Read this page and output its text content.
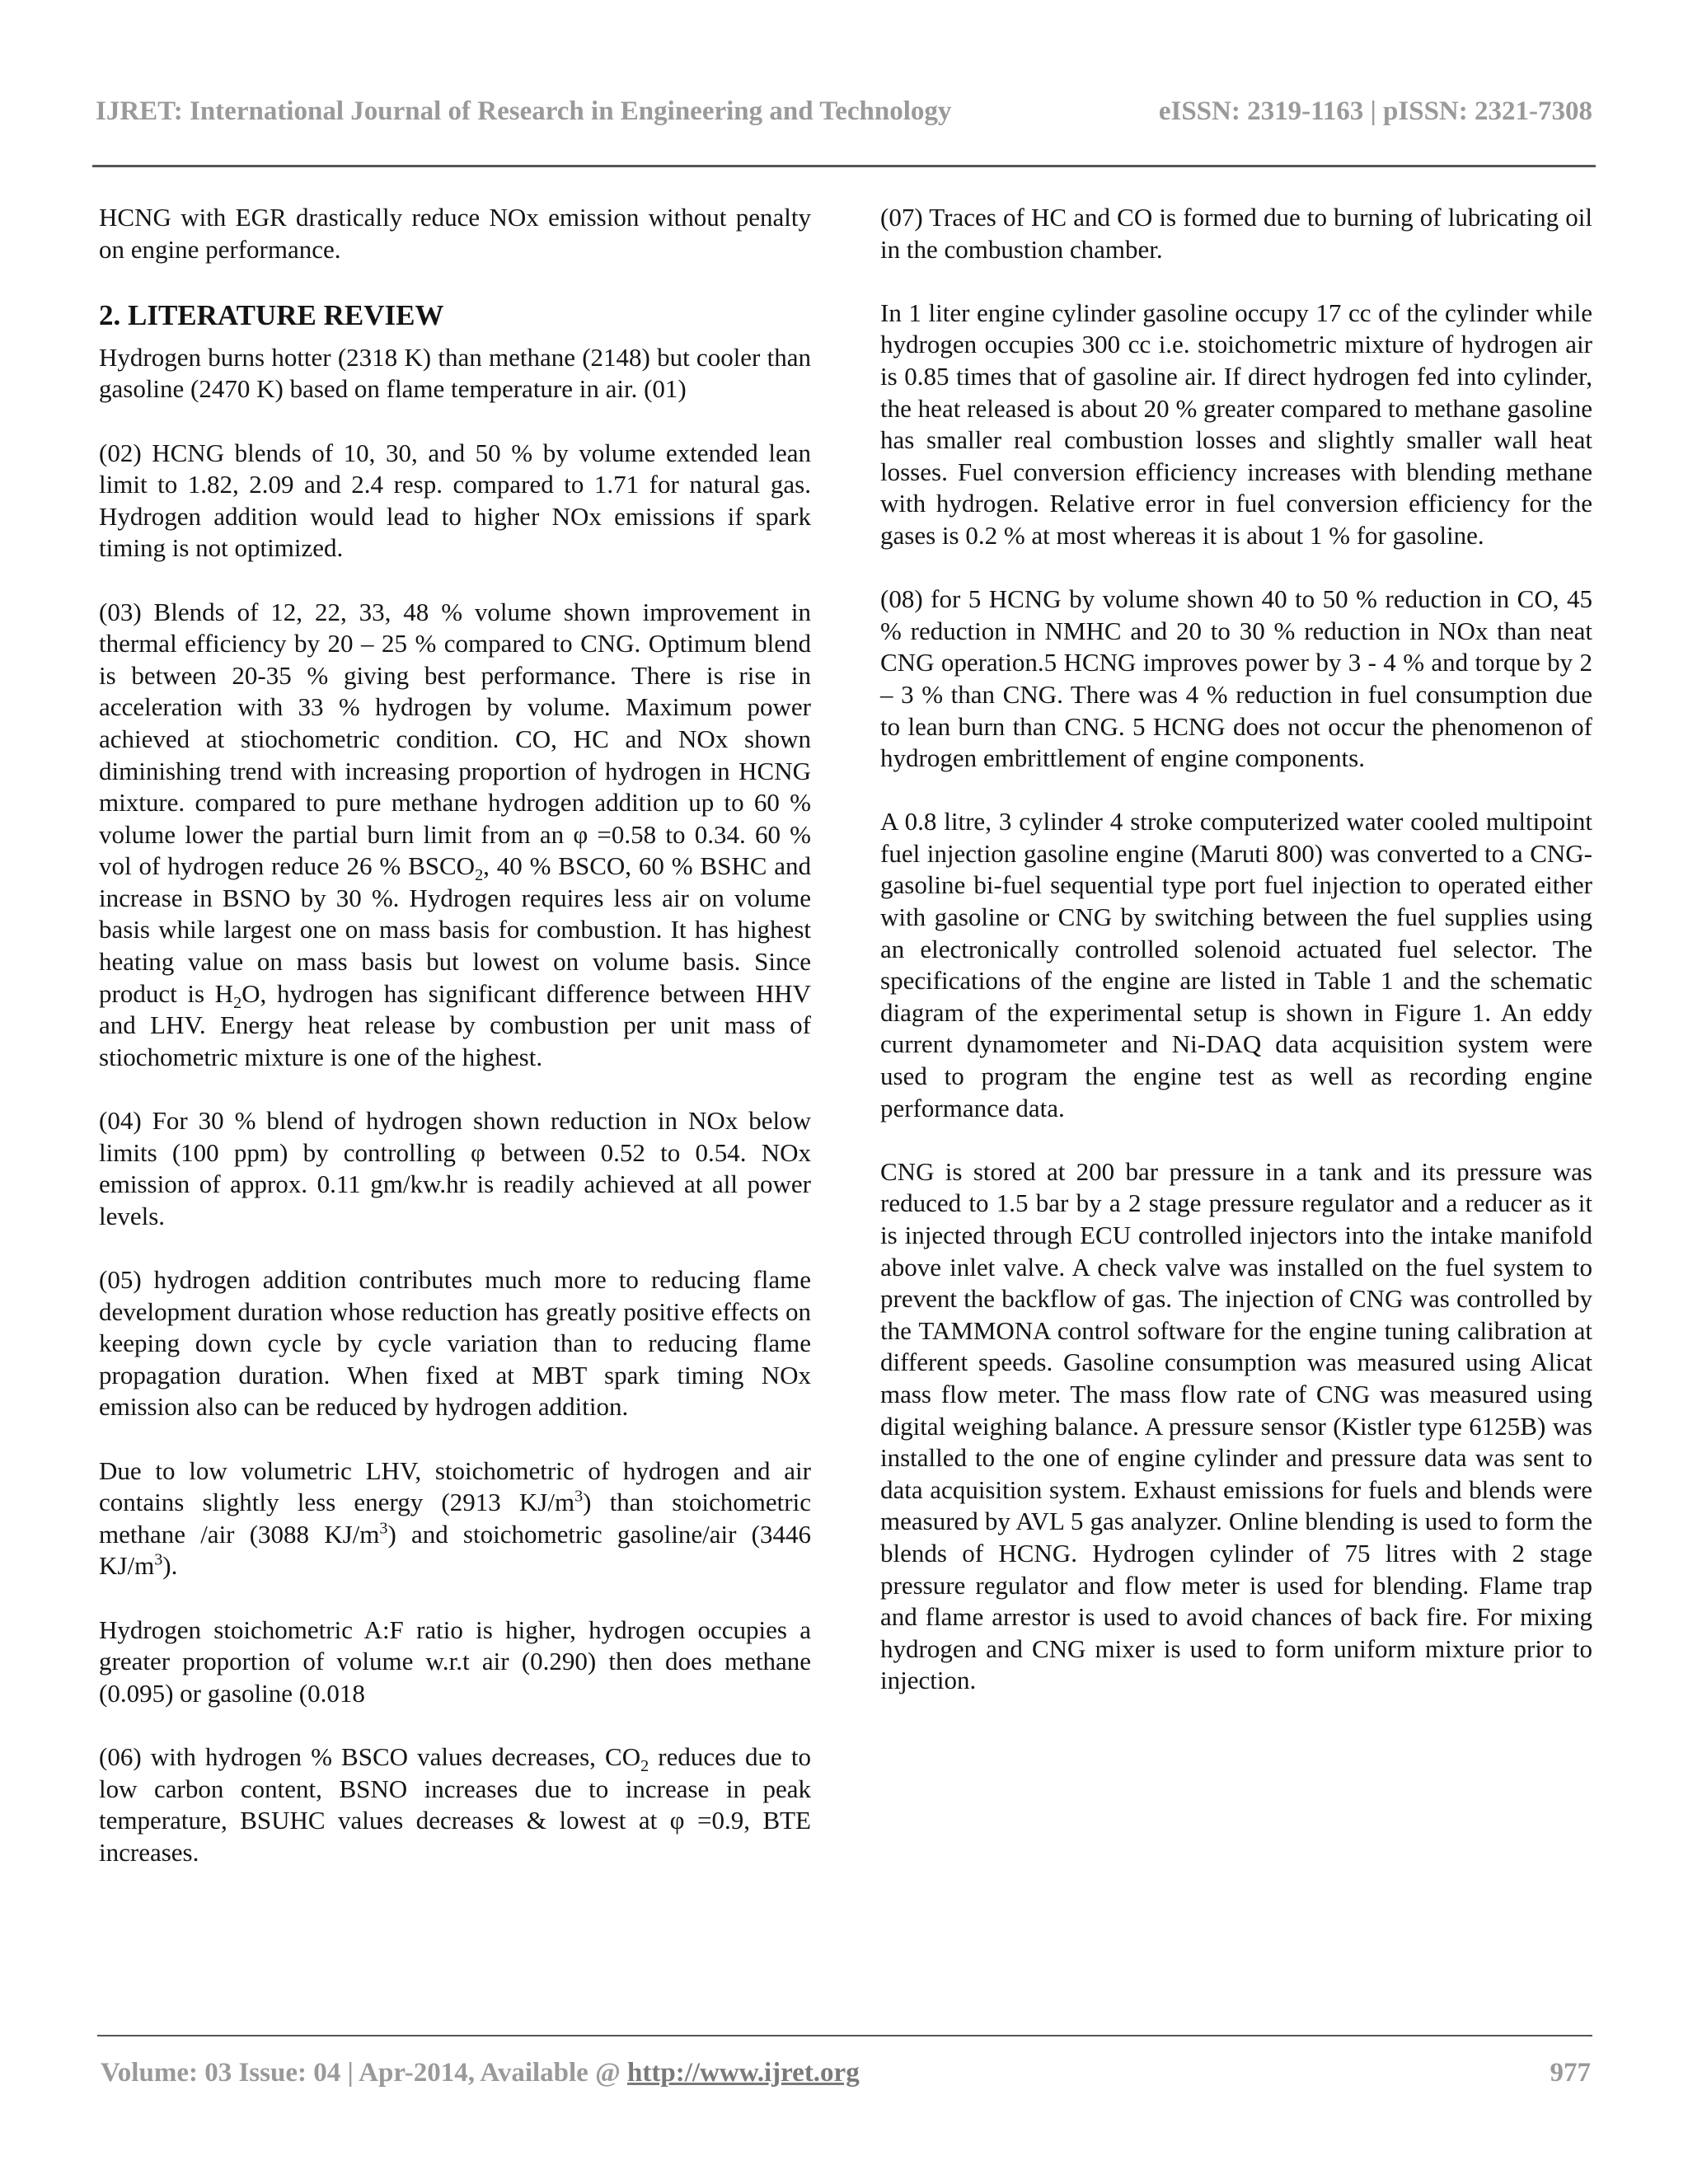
IJRET: International Journal of Research in Engineering and Technology	eISSN: 2319-1163 | pISSN: 2321-7308

HCNG with EGR drastically reduce NOx emission without penalty on engine performance.

2. LITERATURE REVIEW

Hydrogen burns hotter (2318 K) than methane (2148) but cooler than gasoline (2470 K) based on flame temperature in air. (01)

(02) HCNG blends of 10, 30, and 50 % by volume extended lean limit to 1.82, 2.09 and 2.4 resp. compared to 1.71 for natural gas. Hydrogen addition would lead to higher NOx emissions if spark timing is not optimized.

(03) Blends of 12, 22, 33, 48 % volume shown improvement in thermal efficiency by 20 – 25 % compared to CNG. Optimum blend is between 20-35 % giving best performance. There is rise in acceleration with 33 % hydrogen by volume. Maximum power achieved at stiochometric condition. CO, HC and NOx shown diminishing trend with increasing proportion of hydrogen in HCNG mixture. compared to pure methane hydrogen addition up to 60 % volume lower the partial burn limit from an φ =0.58 to 0.34. 60 % vol of hydrogen reduce 26 % $BSCO_2$, 40 % BSCO, 60 % BSHC and increase in BSNO by 30 %. Hydrogen requires less air on volume basis while largest one on mass basis for combustion. It has highest heating value on mass basis but lowest on volume basis. Since product is $H_2O$, hydrogen has significant difference between HHV and LHV. Energy heat release by combustion per unit mass of stiochometric mixture is one of the highest.

(04) For 30 % blend of hydrogen shown reduction in NOx below limits (100 ppm) by controlling φ between 0.52 to 0.54. NOx emission of approx. 0.11 gm/kw.hr is readily achieved at all power levels.

(05) hydrogen addition contributes much more to reducing flame development duration whose reduction has greatly positive effects on keeping down cycle by cycle variation than to reducing flame propagation duration. When fixed at MBT spark timing NOx emission also can be reduced by hydrogen addition.

Due to low volumetric LHV, stoichometric of hydrogen and air contains slightly less energy (2913 $KJ/m^3$) than stoichometric methane /air (3088 $KJ/m^3$) and stoichometric gasoline/air (3446 $KJ/m^3$).

Hydrogen stoichometric A:F ratio is higher, hydrogen occupies a greater proportion of volume w.r.t air (0.290) then does methane (0.095) or gasoline (0.018

(06) with hydrogen % BSCO values decreases, $CO_2$ reduces due to low carbon content, BSNO increases due to increase in peak temperature, BSUHC values decreases & lowest at φ =0.9, BTE increases.

(07) Traces of HC and CO is formed due to burning of lubricating oil in the combustion chamber.

In 1 liter engine cylinder gasoline occupy 17 cc of the cylinder while hydrogen occupies 300 cc i.e. stoichometric mixture of hydrogen air is 0.85 times that of gasoline air. If direct hydrogen fed into cylinder, the heat released is about 20 % greater compared to methane gasoline has smaller real combustion losses and slightly smaller wall heat losses. Fuel conversion efficiency increases with blending methane with hydrogen. Relative error in fuel conversion efficiency for the gases is 0.2 % at most whereas it is about 1 % for gasoline.

(08) for 5 HCNG by volume shown 40 to 50 % reduction in CO, 45 % reduction in NMHC and 20 to 30 % reduction in NOx than neat CNG operation.5 HCNG improves power by 3 - 4 % and torque by 2 – 3 % than CNG. There was 4 % reduction in fuel consumption due to lean burn than CNG. 5 HCNG does not occur the phenomenon of hydrogen embrittlement of engine components.

A 0.8 litre, 3 cylinder 4 stroke computerized water cooled multipoint fuel injection gasoline engine (Maruti 800) was converted to a CNG-gasoline bi-fuel sequential type port fuel injection to operated either with gasoline or CNG by switching between the fuel supplies using an electronically controlled solenoid actuated fuel selector. The specifications of the engine are listed in Table 1 and the schematic diagram of the experimental setup is shown in Figure 1. An eddy current dynamometer and Ni-DAQ data acquisition system were used to program the engine test as well as recording engine performance data.

CNG is stored at 200 bar pressure in a tank and its pressure was reduced to 1.5 bar by a 2 stage pressure regulator and a reducer as it is injected through ECU controlled injectors into the intake manifold above inlet valve. A check valve was installed on the fuel system to prevent the backflow of gas. The injection of CNG was controlled by the TAMMONA control software for the engine tuning calibration at different speeds. Gasoline consumption was measured using Alicat mass flow meter. The mass flow rate of CNG was measured using digital weighing balance. A pressure sensor (Kistler type 6125B) was installed to the one of engine cylinder and pressure data was sent to data acquisition system. Exhaust emissions for fuels and blends were measured by AVL 5 gas analyzer. Online blending is used to form the blends of HCNG. Hydrogen cylinder of 75 litres with 2 stage pressure regulator and flow meter is used for blending. Flame trap and flame arrestor is used to avoid chances of back fire. For mixing hydrogen and CNG mixer is used to form uniform mixture prior to injection.

Volume: 03 Issue: 04 | Apr-2014, Available @ http://www.ijret.org	977
